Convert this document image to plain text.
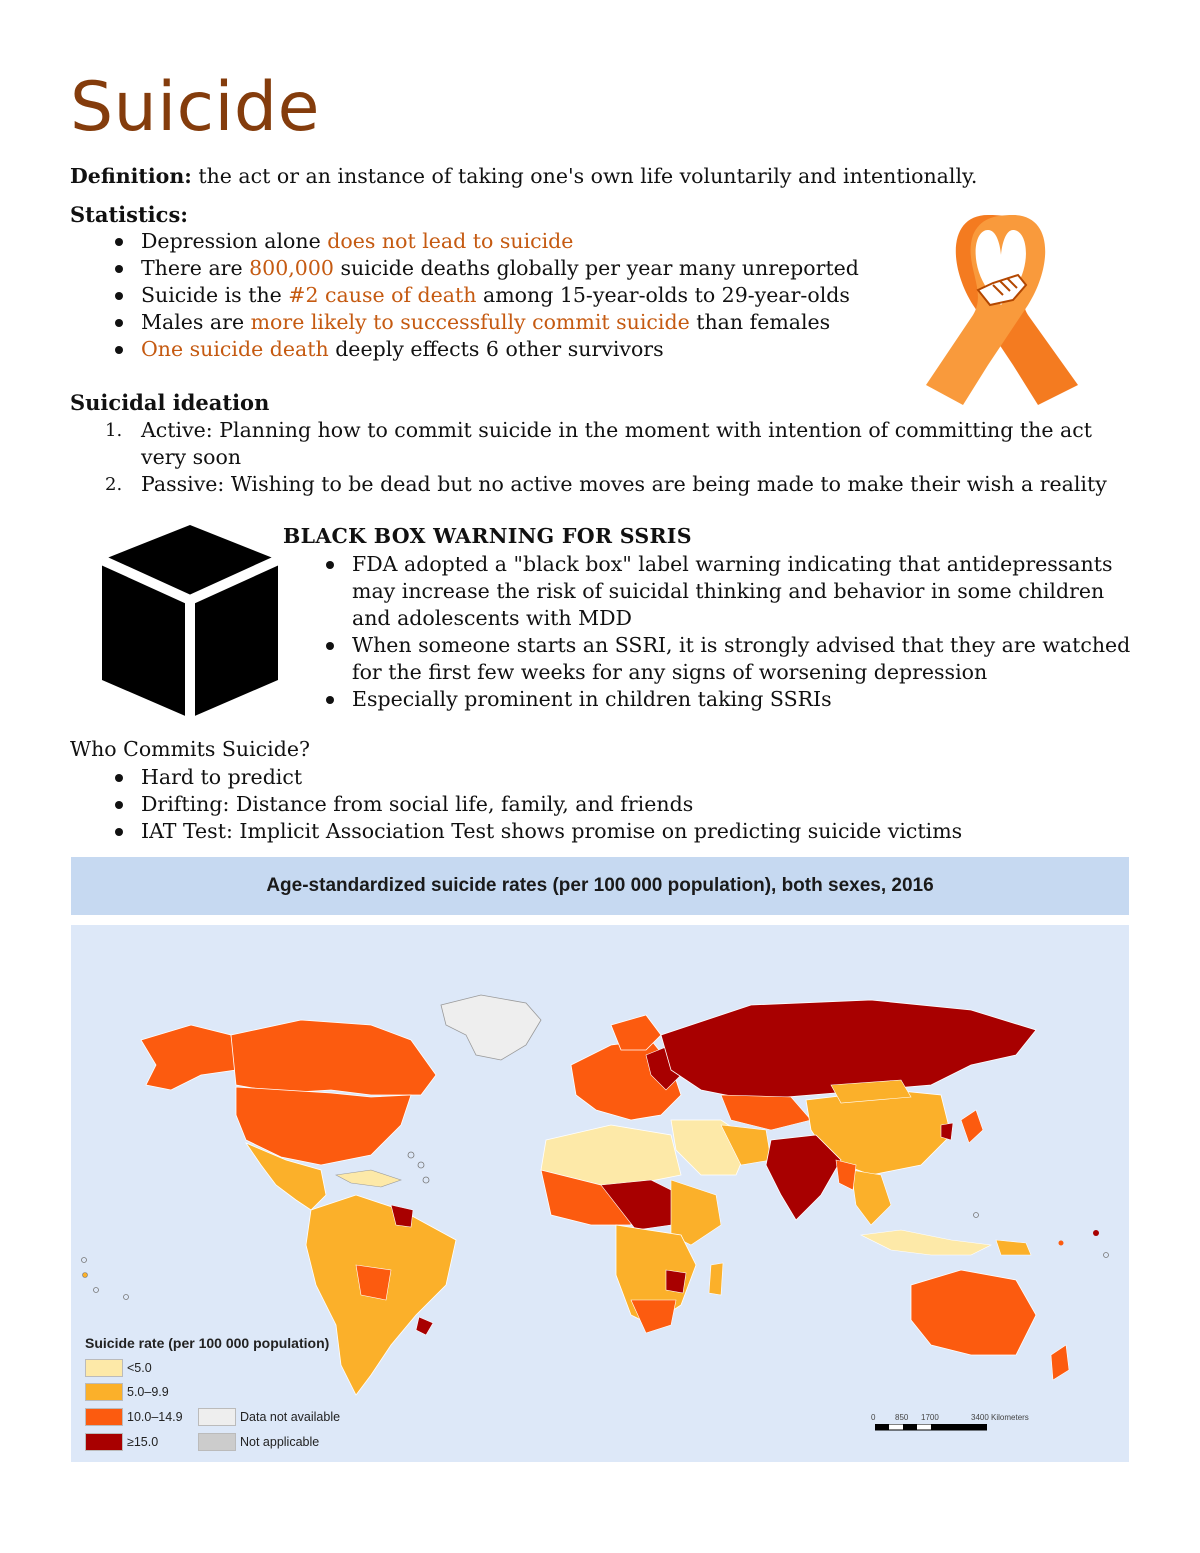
Suicide

Definition: the act or an instance of taking one's own life voluntarily and intentionally.

Statistics:

Depression alone does not lead to suicide
There are 800,000 suicide deaths globally per year many unreported
Suicide is the #2 cause of death among 15-year-olds to 29-year-olds
Males are more likely to successfully commit suicide than females
One suicide death deeply effects 6 other survivors

Suicidal ideation

1. Active: Planning how to commit suicide in the moment with intention of committing the act very soon
2. Passive: Wishing to be dead but no active moves are being made to make their wish a reality

BLACK BOX WARNING FOR SSRIS

FDA adopted a "black box" label warning indicating that antidepressants may increase the risk of suicidal thinking and behavior in some children and adolescents with MDD
When someone starts an SSRI, it is strongly advised that they are watched for the first few weeks for any signs of worsening depression
Especially prominent in children taking SSRIs

Who Commits Suicide?

Hard to predict
Drifting: Distance from social life, family, and friends
IAT Test: Implicit Association Test shows promise on predicting suicide victims

Age-standardized suicide rates (per 100 000 population), both sexes, 2016

Suicide rate (per 100 000 population)

<5.0
5.0–9.9
10.0–14.9
≥15.0
Data not available
Not applicable
0 850 1700	3400 Kilometers
